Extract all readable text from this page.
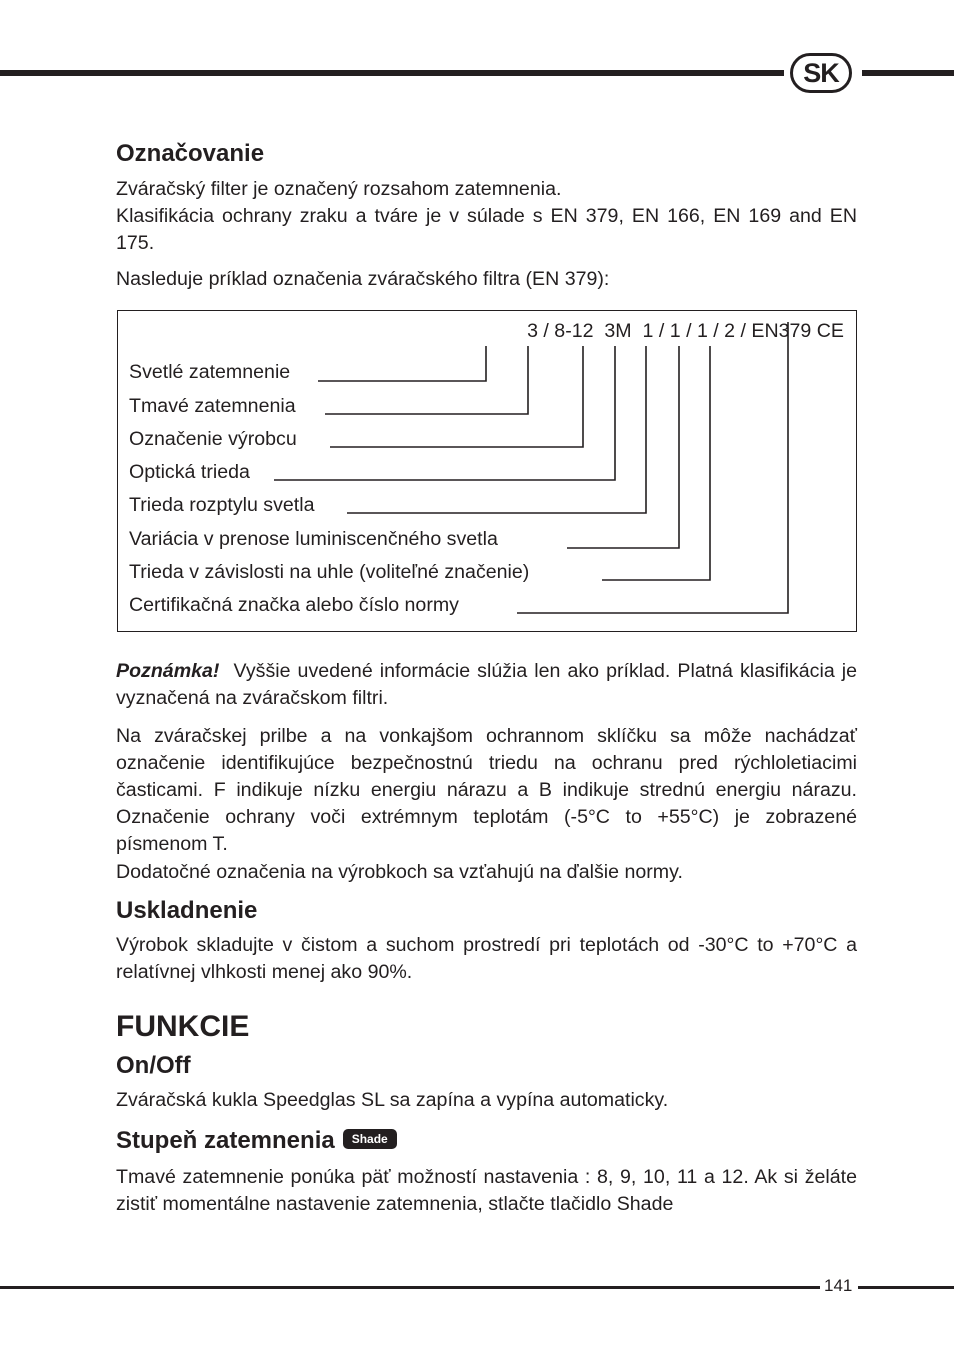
SK
Označovanie

Zváračský filter je označený rozsahom zatemnenia.

Klasifikácia ochrany zraku a tváre je v súlade s EN 379, EN 166, EN 169 and EN 175.

Nasleduje príklad označenia zváračského filtra (EN 379):

3 / 8-12  3M  1 / 1 / 1 / 2 / EN379 CE
Svetlé zatemnenie
Tmavé zatemnenia
Označenie výrobcu
Optická trieda
Trieda rozptylu svetla
Variácia v prenose luminiscenčného svetla
Trieda v závislosti na uhle (voliteľné značenie)
Certifikačná značka alebo číslo normy

Poznámka! Vyššie uvedené informácie slúžia len ako príklad. Platná klasifikácia je vyznačená na zváračskom filtri.

Na zváračskej prilbe a na vonkajšom ochrannom sklíčku sa môže nachádzať označenie identifikujúce bezpečnostnú triedu na ochranu pred rýchloletiacimi časticami. F indikuje nízku energiu nárazu a B indikuje strednú energiu nárazu. Označenie ochrany voči extrémnym teplotám (-5°C to +55°C) je zobrazené písmenom T.

Dodatočné označenia na výrobkoch sa vzťahujú na ďalšie normy.

Uskladnenie

Výrobok skladujte v čistom a suchom prostredí pri teplotách od -30°C to +70°C a relatívnej vlhkosti menej ako 90%.

FUNKCIE
On/Off

Zváračská kukla Speedglas SL sa zapína a vypína automaticky.

Stupeň zatemnenia Shade

Tmavé zatemnenie ponúka päť možností nastavenia : 8, 9, 10, 11 a 12. Ak si želáte zistiť momentálne nastavenie zatemnenia, stlačte tlačidlo Shade

141
